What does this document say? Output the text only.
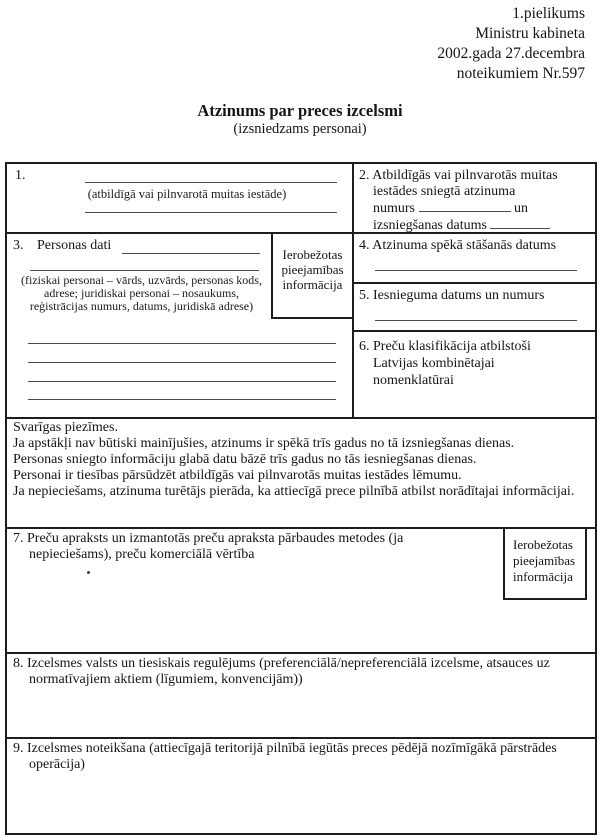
1.pielikums
Ministru kabineta
2002.gada 27.decembra
noteikumiem Nr.597
Atzinums par preces izcelsmi
(izsniedzams personai)
1.
(atbildīgā vai pilnvarotā muitas iestāde)
2. Atbildīgās vai pilnvarotās muitas
iestādes sniegtā atzinuma
numurs	un
izsniegšanas datums
3. Personas dati
(fiziskai personai – vārds, uzvārds, personas kods, adrese; juridiskai personai – nosaukums, reģistrācijas numurs, datums, juridiskā adrese)
Ierobežotas pieejamības informācija
4. Atzinuma spēkā stāšanās datums
5. Iesnieguma datums un numurs
6. Preču klasifikācija atbilstoši
Latvijas kombinētajai
nomenklatūrai
Svarīgas piezīmes.
Ja apstākļi nav būtiski mainījušies, atzinums ir spēkā trīs gadus no tā izsniegšanas dienas.
Personas sniegto informāciju glabā datu bāzē trīs gadus no tās iesniegšanas dienas.
Personai ir tiesības pārsūdzēt atbildīgās vai pilnvarotās muitas iestādes lēmumu.
Ja nepieciešams, atzinuma turētājs pierāda, ka attiecīgā prece pilnībā atbilst norādītajai informācijai.
7. Preču apraksts un izmantotās preču apraksta pārbaudes metodes (ja nepieciešams), preču komerciālā vērtība
Ierobežotas pieejamības informācija
8. Izcelsmes valsts un tiesiskais regulējums (preferenciālā/nepreferenciālā izcelsme, atsauces uz normatīvajiem aktiem (līgumiem, konvencijām))
9. Izcelsmes noteikšana (attiecīgajā teritorijā pilnībā iegūtās preces pēdējā nozīmīgākā pārstrādes operācija)
